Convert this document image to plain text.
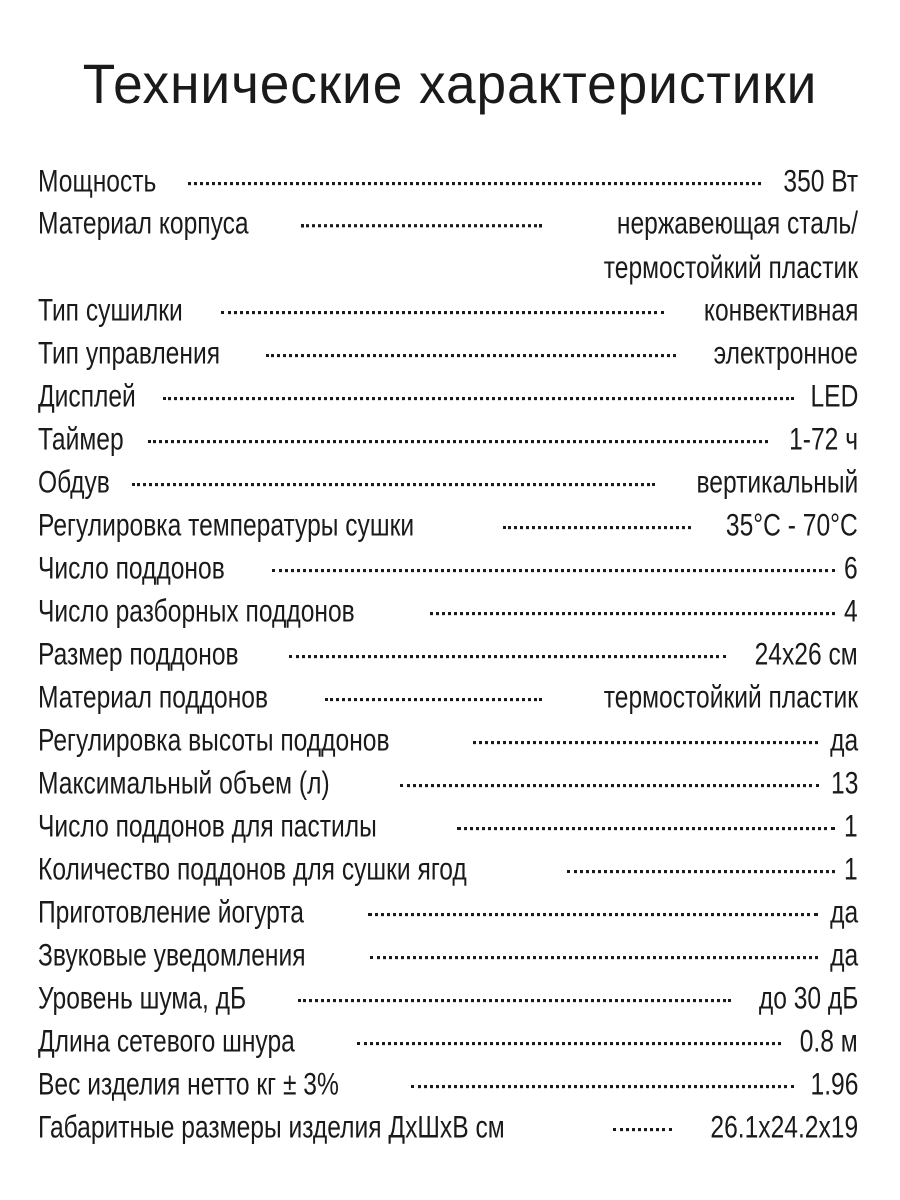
Технические характеристики
Мощность	350 Вт
Материал корпуса	нержавеющая сталь/
термостойкий пластик
Тип сушилки	конвективная
Тип управления	электронное
Дисплей	LED
Таймер	1-72 ч
Обдув	вертикальный
Регулировка температуры сушки	35°C - 70°C
Число поддонов	6
Число разборных поддонов	4
Размер поддонов	24x26 см
Материал поддонов	термостойкий пластик
Регулировка высоты поддонов	да
Максимальный объем (л)	13
Число поддонов для пастилы	1
Количество поддонов для сушки ягод	1
Приготовление йогурта	да
Звуковые уведомления	да
Уровень шума, дБ	до 30 дБ
Длина сетевого шнура	0.8 м
Вес изделия нетто кг ± 3%	1.96
Габаритные размеры изделия ДхШхВ см	26.1x24.2x19
